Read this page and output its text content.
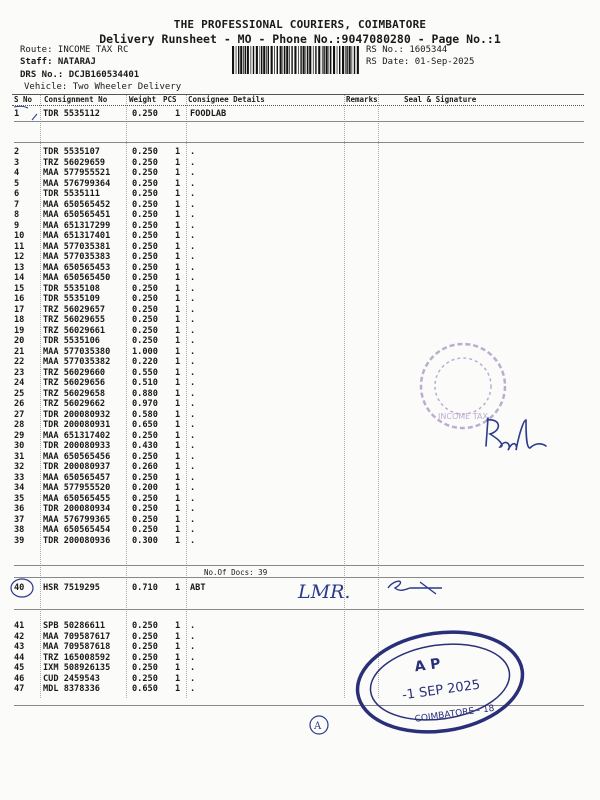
THE PROFESSIONAL COURIERS, COIMBATORE
Delivery Runsheet - MO - Phone No.:9047080280 - Page No.:1
Route: INCOME TAX RC
Staff: NATARAJ
DRS No.: DCJB160534401
Vehicle: Two Wheeler Delivery
RS No.: 1605344
RS Date: 01-Sep-2025
S No Consignment No	Weight PCS Consignee Details	Remarks	Seal & Signature
1	TDR 5535112	0.250 1 FOODLAB
2	TDR 5535107	0.250 1 .
3	TRZ 56029659	0.250 1 .
4	MAA 577955521	0.250 1 .
5	MAA 576799364	0.250 1 .
6	TDR 5535111	0.250 1 .
7	MAA 650565452	0.250 1 .
8	MAA 650565451	0.250 1 .
9	MAA 651317299	0.250 1 .
10	MAA 651317401	0.250 1 .
11	MAA 577035381	0.250 1 .
12	MAA 577035383	0.250 1 .
13	MAA 650565453	0.250 1 .
14	MAA 650565450	0.250 1 .
15	TDR 5535108	0.250 1 .
16	TDR 5535109	0.250 1 .
17	TRZ 56029657	0.250 1 .
18	TRZ 56029655	0.250 1 .
19	TRZ 56029661	0.250 1 .
20	TDR 5535106	0.250 1 .
21	MAA 577035380	1.000 1 .
22	MAA 577035382	0.220 1 .
23	TRZ 56029660	0.550 1 .
24	TRZ 56029656	0.510 1 .
25	TRZ 56029658	0.880 1 .
26	TRZ 56029662	0.970 1 .
27	TDR 200080932	0.580 1 .
28	TDR 200080931	0.650 1 .
29	MAA 651317402	0.250 1 .
30	TDR 200080933	0.430 1 .
31	MAA 650565456	0.250 1 .
32	TDR 200080937	0.260 1 .
33	MAA 650565457	0.250 1 .
34	MAA 577955520	0.200 1 .
35	MAA 650565455	0.250 1 .
36	TDR 200080934	0.250 1 .
37	MAA 576799365	0.250 1 .
38	MAA 650565454	0.250 1 .
39	TDR 200080936	0.300 1 .
40	HSR 7519295	0.710 1 ABT
41	SPB 50286611	0.250 1 .
42	MAA 709587617	0.250 1 .
43	MAA 709587618	0.250 1 .
44	TRZ 165008592	0.250 1 .
45	IXM 508926135	0.250 1 .
46	CUD 2459543	0.250 1 .
47	MDL 8378336	0.650 1 .
No.Of Docs: 39
INCOME TAX
LMR.
A P
-1 SEP 2025
COIMBATORE - 18
A
